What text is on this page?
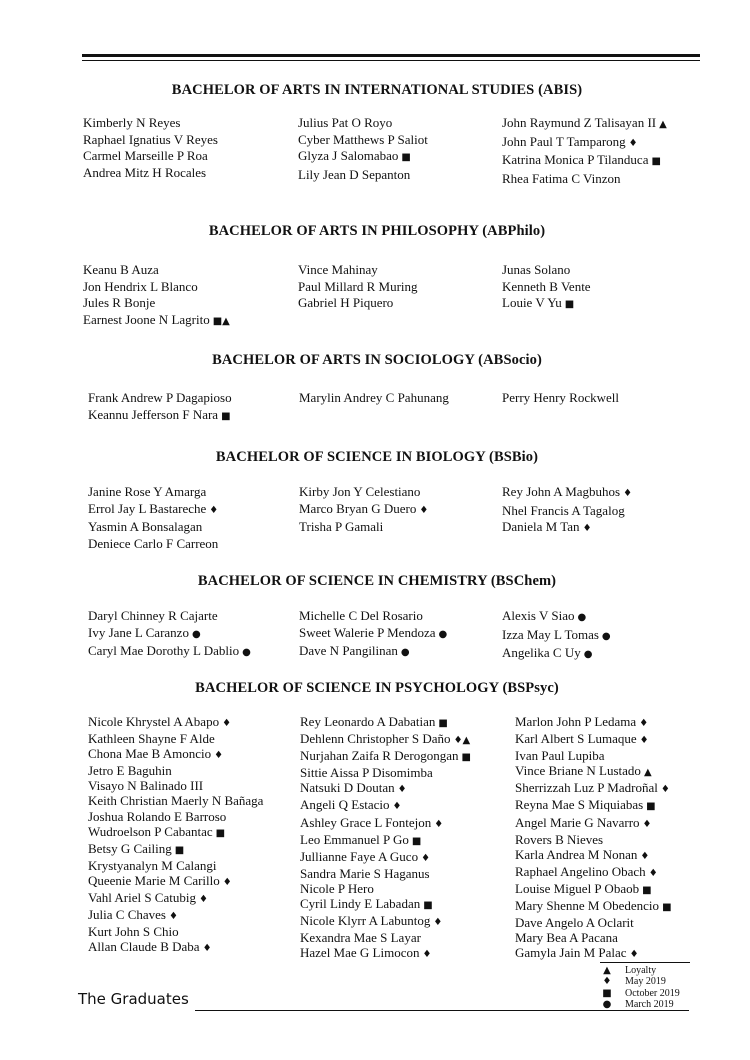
BACHELOR OF ARTS IN INTERNATIONAL STUDIES (ABIS)
Kimberly N Reyes
Raphael Ignatius V Reyes
Carmel Marseille P Roa
Andrea Mitz H Rocales
Julius Pat O Royo
Cyber Matthews P Saliot
Glyza J Salomabao ■
Lily Jean D Sepanton
John Raymund Z Talisayan II ▲
John Paul T Tamparong ♦
Katrina Monica P Tilanduca ■
Rhea Fatima C Vinzon
BACHELOR OF ARTS IN PHILOSOPHY (ABPhilo)
Keanu B Auza
Jon Hendrix L Blanco
Jules R Bonje
Earnest Joone N Lagrito ■▲
Vince Mahinay
Paul Millard R Muring
Gabriel H Piquero
Junas Solano
Kenneth B Vente
Louie V Yu ■
BACHELOR OF ARTS IN SOCIOLOGY (ABSocio)
Frank Andrew P Dagapioso
Keannu Jefferson F Nara ■
Marylin Andrey C Pahunang	Perry Henry Rockwell
BACHELOR OF SCIENCE IN BIOLOGY (BSBio)
Janine Rose Y Amarga
Errol Jay L Bastareche ♦
Yasmin A Bonsalagan
Deniece Carlo F Carreon
Kirby Jon Y Celestiano
Marco Bryan G Duero ♦
Trisha P Gamali
Rey John A Magbuhos ♦
Nhel Francis A Tagalog
Daniela M Tan ♦
BACHELOR OF SCIENCE IN CHEMISTRY (BSChem)
Daryl Chinney R Cajarte
Ivy Jane L Caranzo ●
Caryl Mae Dorothy L Dablio ●
Michelle C Del Rosario
Sweet Walerie P Mendoza ●
Dave N Pangilinan ●
Alexis V Siao ●
Izza May L Tomas ●
Angelika C Uy ●
BACHELOR OF SCIENCE IN PSYCHOLOGY (BSPsyc)
Nicole Khrystel A Abapo ♦
Kathleen Shayne F Alde
Chona Mae B Amoncio ♦
Jetro E Baguhin
Visayo N Balinado III
Keith Christian Maerly N Bañaga
Joshua Rolando E Barroso
Wudroelson P Cabantac ■
Betsy G Cailing ■
Krystyanalyn M Calangi
Queenie Marie M Carillo ♦
Vahl Ariel S Catubig ♦
Julia C Chaves ♦
Kurt John S Chio
Allan Claude B Daba ♦
Rey Leonardo A Dabatian ■
Dehlenn Christopher S Daño ♦▲
Nurjahan Zaifa R Derogongan ■
Sittie Aissa P Disomimba
Natsuki D Doutan ♦
Angeli Q Estacio ♦
Ashley Grace L Fontejon ♦
Leo Emmanuel P Go ■
Jullianne Faye A Guco ♦
Sandra Marie S Haganus
Nicole P Hero
Cyril Lindy E Labadan ■
Nicole Klyrr A Labuntog ♦
Kexandra Mae S Layar
Hazel Mae G Limocon ♦
Marlon John P Ledama ♦
Karl Albert S Lumaque ♦
Ivan Paul Lupiba
Vince Briane N Lustado ▲
Sherrizzah Luz P Madroñal ♦
Reyna Mae S Miquiabas ■
Angel Marie G Navarro ♦
Rovers B Nieves
Karla Andrea M Nonan ♦
Raphael Angelino Obach ♦
Louise Miguel P Obaob ■
Mary Shenne M Obedencio ■
Dave Angelo A Oclarit
Mary Bea A Pacana
Gamyla Jain M Palac ♦
The Graduates
▲	Loyalty
♦ May 2019
■ October 2019
● March 2019
